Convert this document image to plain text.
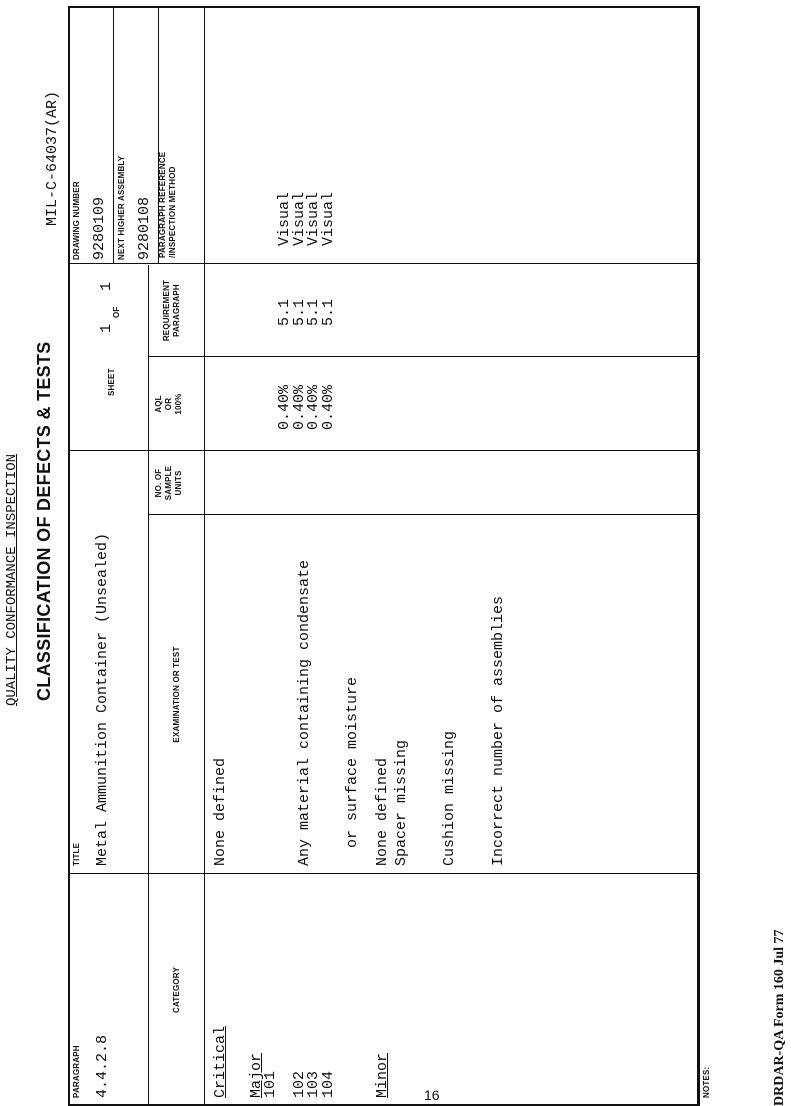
QUALITY CONFORMANCE INSPECTION CLASSIFICATION OF DEFECTS & TESTS
MIL-C-64037(AR)
PARAGRAPH 4.4.2.8
TITLE Metal Ammunition Container (Unsealed)
SHEET
1
OF
1
DRAWING NUMBER 9280109 NEXT HIGHER ASSEMBLY 9280108
CATEGORY
EXAMINATION OR TEST
NO. OF
SAMPLE
UNITS
AQL
OR
100%
REQUIREMENT
PARAGRAPH
PARAGRAPH REFERENCE
/INSPECTION METHOD
Critical
None defined
Major
101 102
103
104

Any material containing condensate

or surface moisture

Spacer missing

Cushion missing

Incorrect number of assemblies

0.40%
0.40%
0.40%
0.40%
5.1
5.1
5.1
5.1
Visual
Visual
Visual
Visual
Minor
None defined
NOTES:	DRDAR-QA Form 160 Jul 77
16
